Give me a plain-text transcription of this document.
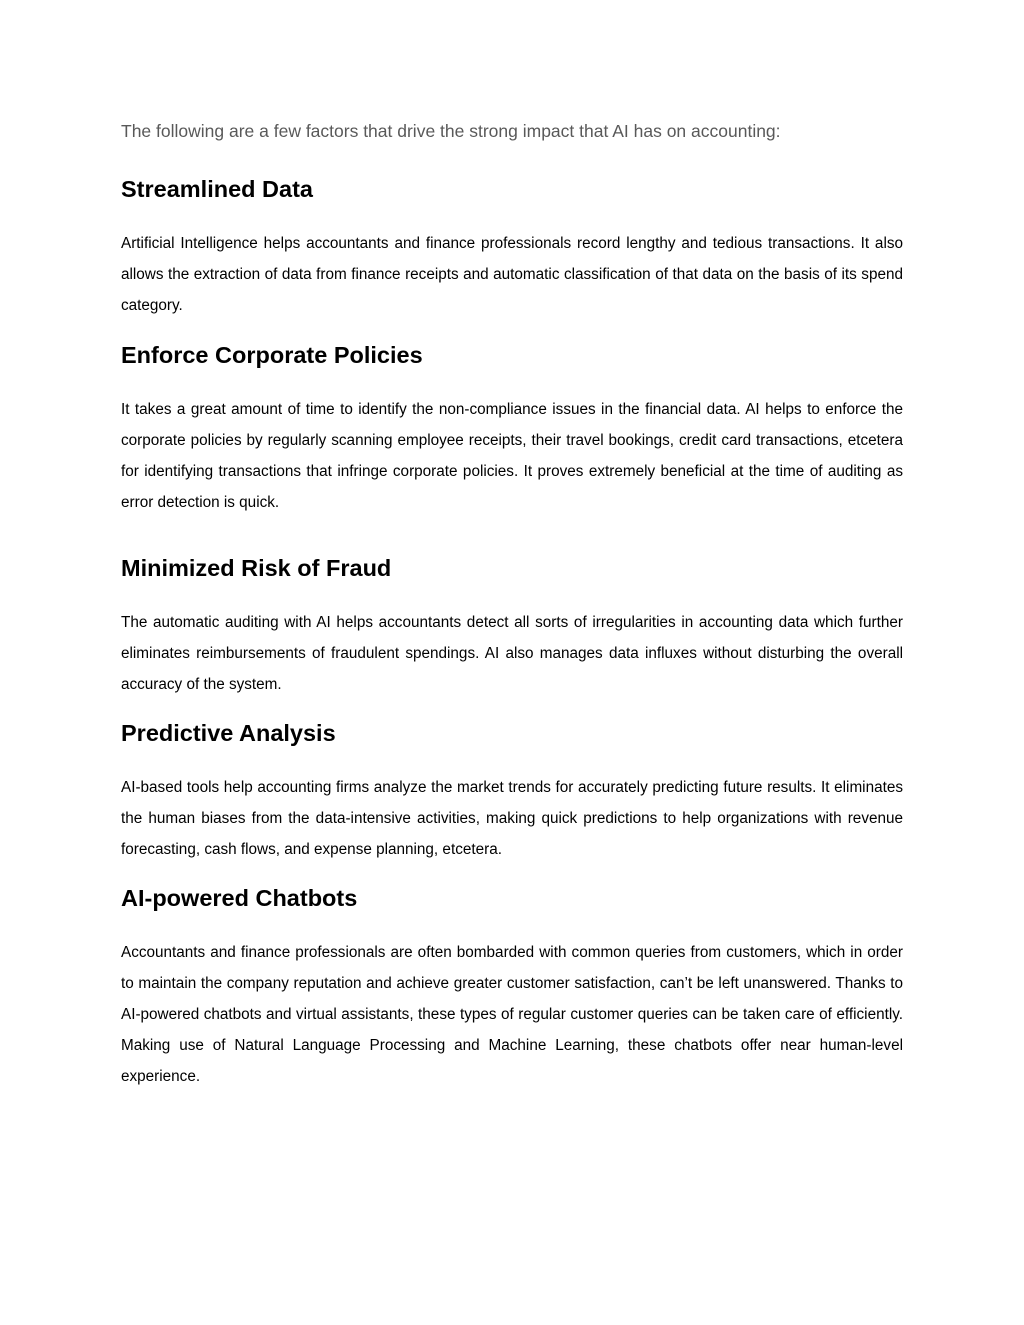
The following are a few factors that drive the strong impact that AI has on accounting:

Streamlined Data

Artificial Intelligence helps accountants and finance professionals record lengthy and tedious transactions. It also allows the extraction of data from finance receipts and automatic classification of that data on the basis of its spend category.

Enforce Corporate Policies

It takes a great amount of time to identify the non-compliance issues in the financial data. AI helps to enforce the corporate policies by regularly scanning employee receipts, their travel bookings, credit card transactions, etcetera for identifying transactions that infringe corporate policies. It proves extremely beneficial at the time of auditing as error detection is quick.

Minimized Risk of Fraud

The automatic auditing with AI helps accountants detect all sorts of irregularities in accounting data which further eliminates reimbursements of fraudulent spendings. AI also manages data influxes without disturbing the overall accuracy of the system.

Predictive Analysis

AI-based tools help accounting firms analyze the market trends for accurately predicting future results. It eliminates the human biases from the data-intensive activities, making quick predictions to help organizations with revenue forecasting, cash flows, and expense planning, etcetera.

AI-powered Chatbots

Accountants and finance professionals are often bombarded with common queries from customers, which in order to maintain the company reputation and achieve greater customer satisfaction, can’t be left unanswered. Thanks to AI-powered chatbots and virtual assistants, these types of regular customer queries can be taken care of efficiently. Making use of Natural Language Processing and Machine Learning, these chatbots offer near human-level experience.
